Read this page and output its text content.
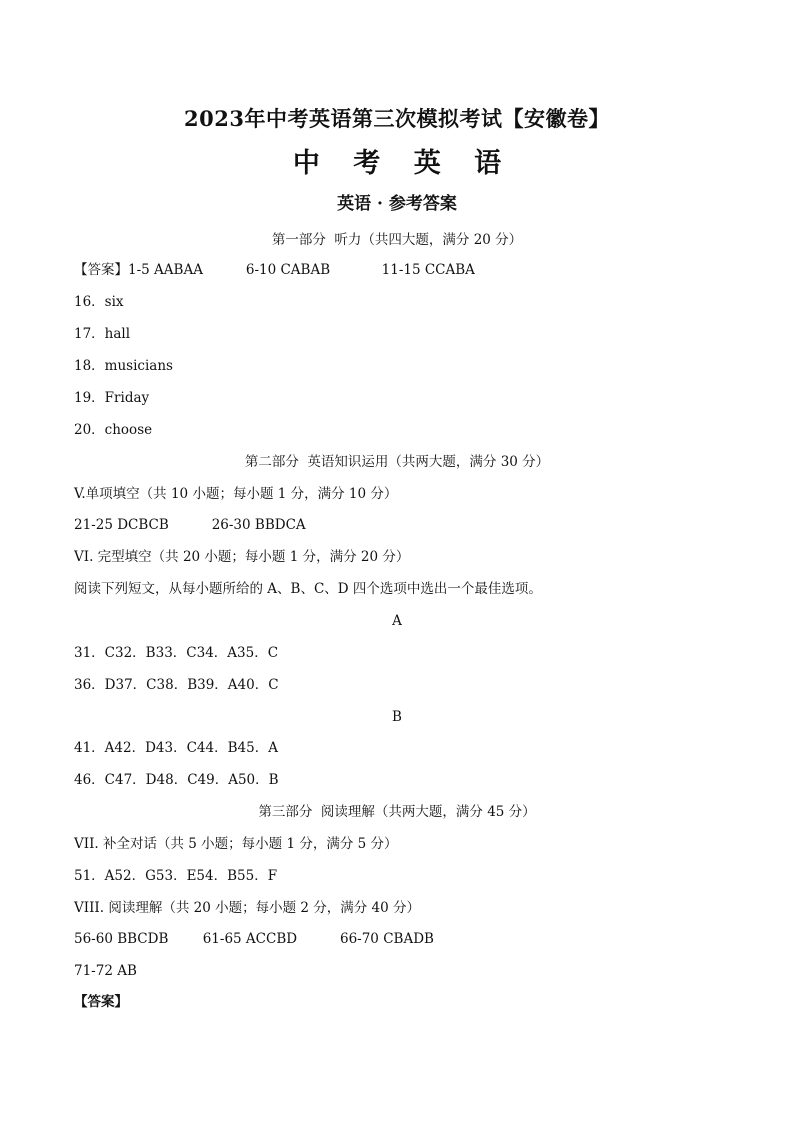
2023年中考英语第三次模拟考试【安徽卷】
中 考 英 语
英语 · 参考答案
第一部分  听力（共四大题，满分 20 分）
【答案】1-5 AABAA          6-10 CABAB            11-15 CCABA
16．six
17．hall
18．musicians
19．Friday
20．choose
第二部分  英语知识运用（共两大题，满分 30 分）
V.单项填空（共 10 小题；每小题 1 分，满分 10 分）
21-25 DCBCB          26-30 BBDCA
VI. 完型填空（共 20 小题；每小题 1 分，满分 20 分）
阅读下列短文，从每小题所给的 A、B、C、D 四个选项中选出一个最佳选项。
A
31．C32．B33．C34．A35．C
36．D37．C38．B39．A40．C
B
41．A42．D43．C44．B45．A
46．C47．D48．C49．A50．B
第三部分  阅读理解（共两大题，满分 45 分）
VII. 补全对话（共 5 小题；每小题 1 分，满分 5 分）
51．A52．G53．E54．B55．F
VIII. 阅读理解（共 20 小题；每小题 2 分，满分 40 分）
56-60 BBCDB        61-65 ACCBD          66-70 CBADB
71-72 AB
【答案】
